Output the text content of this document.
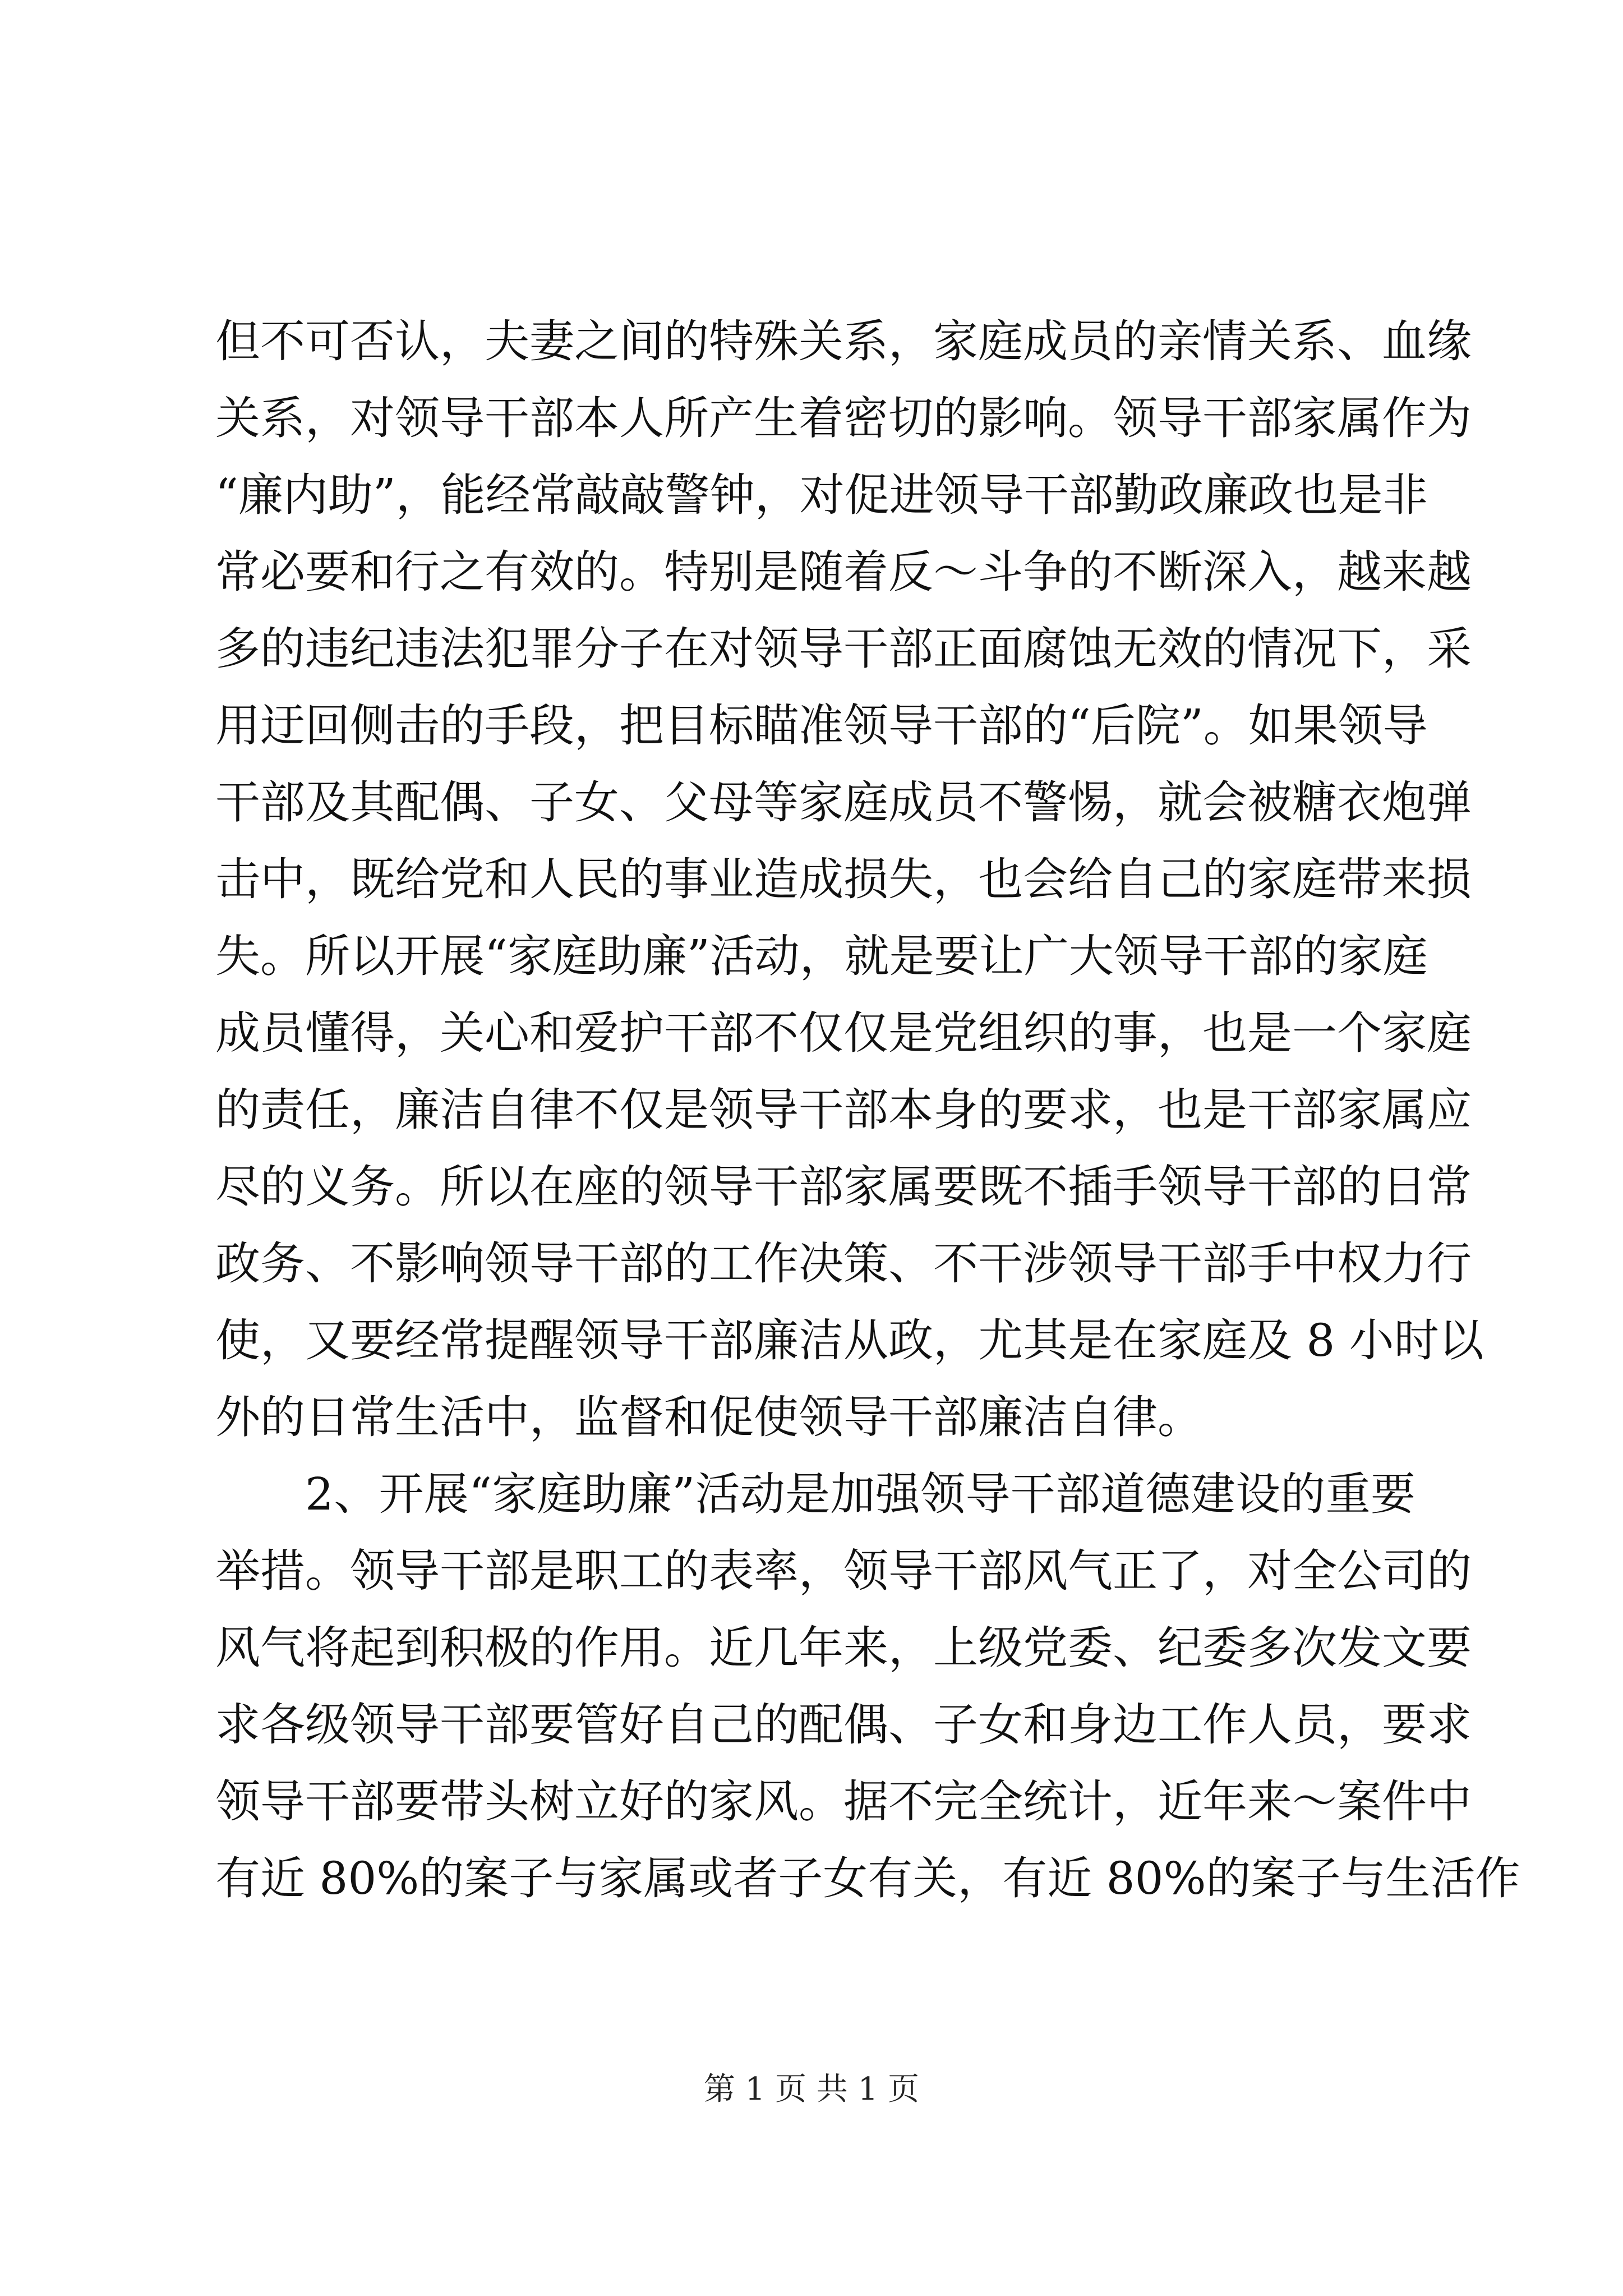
但不可否认，夫妻之间的特殊关系，家庭成员的亲情关系、血缘
关系，对领导干部本人所产生着密切的影响。领导干部家属作为
“廉内助”，能经常敲敲警钟，对促进领导干部勤政廉政也是非
常必要和行之有效的。特别是随着反～斗争的不断深入，越来越
多的违纪违法犯罪分子在对领导干部正面腐蚀无效的情况下，采
用迂回侧击的手段，把目标瞄准领导干部的“后院”。如果领导
干部及其配偶、子女、父母等家庭成员不警惕，就会被糖衣炮弹
击中，既给党和人民的事业造成损失，也会给自己的家庭带来损
失。所以开展“家庭助廉”活动，就是要让广大领导干部的家庭
成员懂得，关心和爱护干部不仅仅是党组织的事，也是一个家庭
的责任，廉洁自律不仅是领导干部本身的要求，也是干部家属应
尽的义务。所以在座的领导干部家属要既不插手领导干部的日常
政务、不影响领导干部的工作决策、不干涉领导干部手中权力行
使，又要经常提醒领导干部廉洁从政，尤其是在家庭及 8 小时以
外的日常生活中，监督和促使领导干部廉洁自律。
2、开展“家庭助廉”活动是加强领导干部道德建设的重要
举措。领导干部是职工的表率，领导干部风气正了，对全公司的
风气将起到积极的作用。近几年来，上级党委、纪委多次发文要
求各级领导干部要管好自己的配偶、子女和身边工作人员，要求
领导干部要带头树立好的家风。据不完全统计，近年来～案件中
有近 80%的案子与家属或者子女有关，有近 80%的案子与生活作
第 1 页 共 1 页
